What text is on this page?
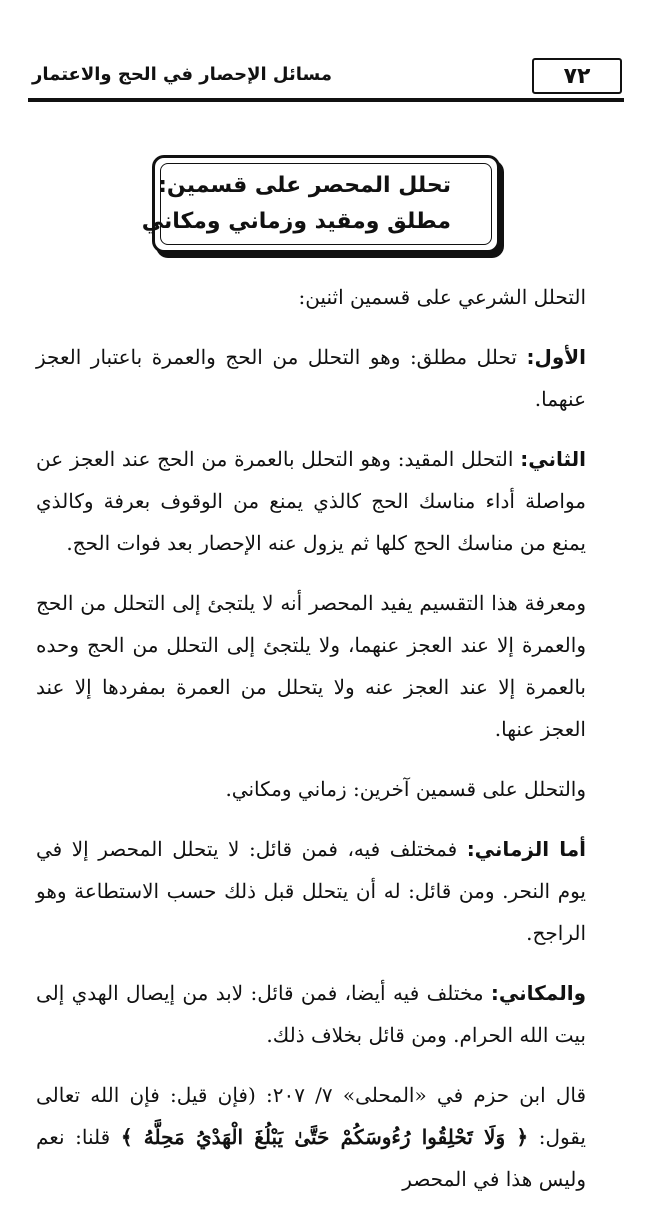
٧٢
مسائل الإحصار في الحج والاعتمار
تحلل المحصر على قسمين:
مطلق ومقيد وزماني ومكاني

التحلل الشرعي على قسمين اثنين:

الأول: تحلل مطلق: وهو التحلل من الحج والعمرة باعتبار العجز عنهما.

الثاني: التحلل المقيد: وهو التحلل بالعمرة من الحج عند العجز عن مواصلة أداء مناسك الحج كالذي يمنع من الوقوف بعرفة وكالذي يمنع من مناسك الحج كلها ثم يزول عنه الإحصار بعد فوات الحج.

ومعرفة هذا التقسيم يفيد المحصر أنه لا يلتجئ إلى التحلل من الحج والعمرة إلا عند العجز عنهما، ولا يلتجئ إلى التحلل من الحج وحده بالعمرة إلا عند العجز عنه ولا يتحلل من العمرة بمفردها إلا عند العجز عنها.

والتحلل على قسمين آخرين: زماني ومكاني.

أما الزماني: فمختلف فيه، فمن قائل: لا يتحلل المحصر إلا في يوم النحر. ومن قائل: له أن يتحلل قبل ذلك حسب الاستطاعة وهو الراجح.

والمكاني: مختلف فيه أيضا، فمن قائل: لابد من إيصال الهدي إلى بيت الله الحرام. ومن قائل بخلاف ذلك.

قال ابن حزم في «المحلى» ٧/ ٢٠٧: (فإن قيل: فإن الله تعالى يقول: ﴿ وَلَا تَحْلِقُوا رُءُوسَكُمْ حَتَّىٰ يَبْلُغَ الْهَدْيُ مَحِلَّهُ ﴾ قلنا: نعم وليس هذا في المحصر
